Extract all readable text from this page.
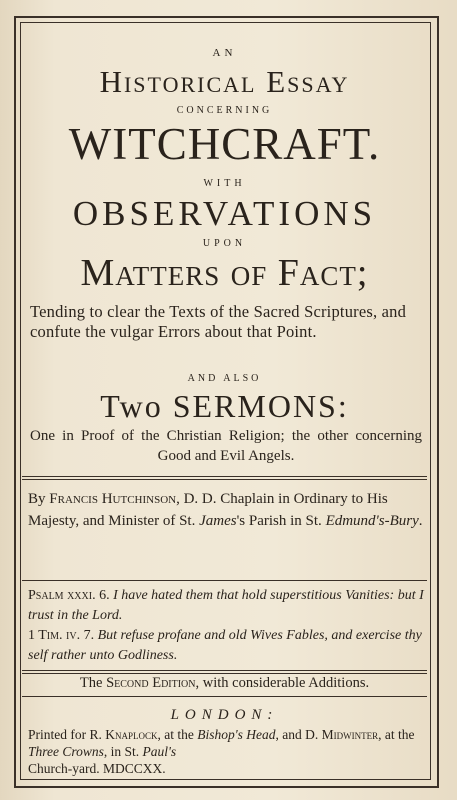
AN
Historical Essay
CONCERNING
WITCHCRAFT.
WITH
OBSERVATIONS
UPON
Matters of Fact;
Tending to clear the Texts of the Sacred Scriptures, and confute the vulgar Errors about that Point.
AND ALSO
Two SERMONS:
One in Proof of the Christian Religion; the other concerning Good and Evil Angels.
By Francis Hutchinson, D. D. Chaplain in Ordinary to His Majesty, and Minister of St. James's Parish in St. Edmund's-Bury.
Psalm xxxi. 6. I have hated them that hold superstitious Vanities: but I trust in the Lord.
1 Tim. iv. 7. But refuse profane and old Wives Fables, and exercise thy self rather unto Godliness.
The Second Edition, with considerable Additions.
LONDON:
Printed for R. Knaplock, at the Bishop's Head, and D. Midwinter, at the Three Crowns, in St. Paul's
Church-yard. MDCCXX.
